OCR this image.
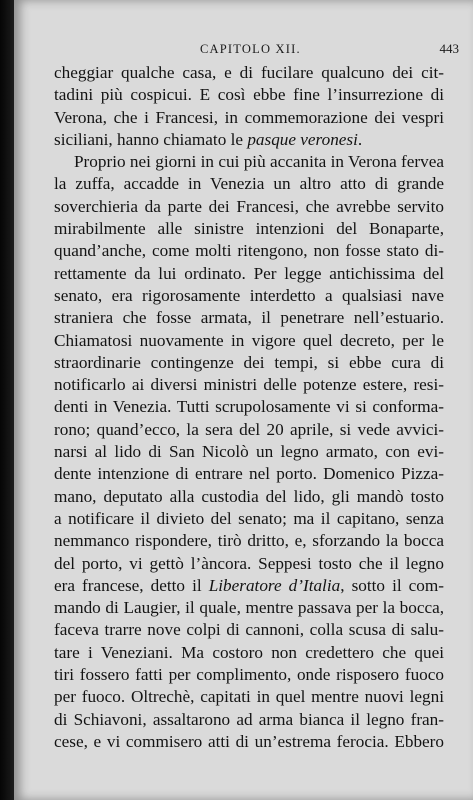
CAPITOLO XII.	443
cheggiar qualche casa, e di fucilare qualcuno dei cit-
tadini più cospicui. E così ebbe fine l’insurrezione di
Verona, che i Francesi, in commemorazione dei vespri
siciliani, hanno chiamato le pasque veronesi.
Proprio nei giorni in cui più accanita in Verona fervea
la zuffa, accadde in Venezia un altro atto di grande
soverchieria da parte dei Francesi, che avrebbe servito
mirabilmente alle sinistre intenzioni del Bonaparte,
quand’anche, come molti ritengono, non fosse stato di-
rettamente da lui ordinato. Per legge antichissima del
senato, era rigorosamente interdetto a qualsiasi nave
straniera che fosse armata, il penetrare nell’estuario.
Chiamatosi nuovamente in vigore quel decreto, per le
straordinarie contingenze dei tempi, si ebbe cura di
notificarlo ai diversi ministri delle potenze estere, resi-
denti in Venezia. Tutti scrupolosamente vi si conforma-
rono; quand’ecco, la sera del 20 aprile, si vede avvici-
narsi al lido di San Nicolò un legno armato, con evi-
dente intenzione di entrare nel porto. Domenico Pizza-
mano, deputato alla custodia del lido, gli mandò tosto
a notificare il divieto del senato; ma il capitano, senza
nemmanco rispondere, tirò dritto, e, sforzando la bocca
del porto, vi gettò l’àncora. Seppesi tosto che il legno
era francese, detto il Liberatore d’Italia, sotto il com-
mando di Laugier, il quale, mentre passava per la bocca,
faceva trarre nove colpi di cannoni, colla scusa di salu-
tare i Veneziani. Ma costoro non credettero che quei
tiri fossero fatti per complimento, onde risposero fuoco
per fuoco. Oltrechè, capitati in quel mentre nuovi legni
di Schiavoni, assaltarono ad arma bianca il legno fran-
cese, e vi commisero atti di un’estrema ferocia. Ebbero
